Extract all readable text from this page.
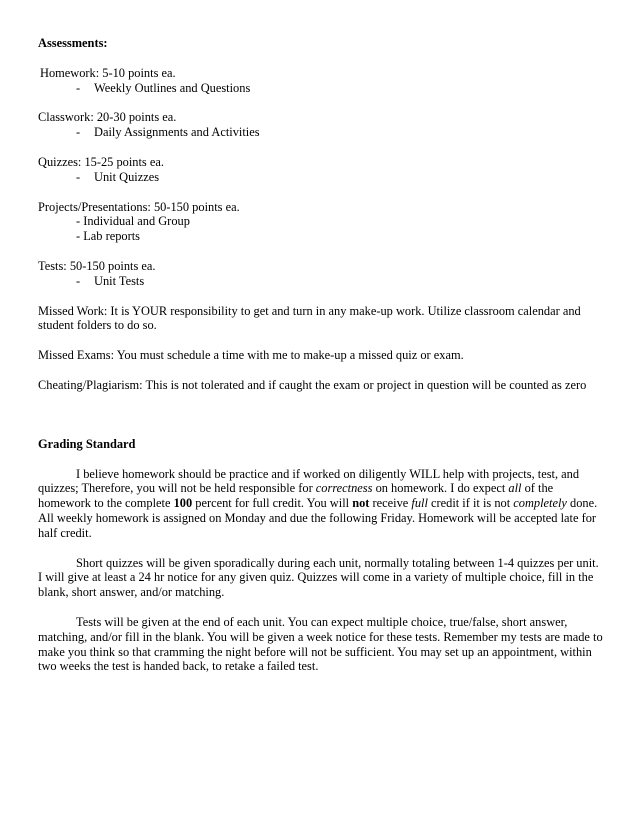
Assessments:

Homework: 5-10 points ea.

- Weekly Outlines and Questions

Classwork: 20-30 points ea.

- Daily Assignments and Activities

Quizzes: 15-25 points ea.

- Unit Quizzes

Projects/Presentations: 50-150 points ea.

- Individual and Group

- Lab reports

Tests: 50-150 points ea.

- Unit Tests

Missed Work: It is YOUR responsibility to get and turn in any make-up work. Utilize classroom calendar and student folders to do so.

Missed Exams: You must schedule a time with me to make-up a missed quiz or exam.

Cheating/Plagiarism: This is not tolerated and if caught the exam or project in question will be counted as zero

Grading Standard

I believe homework should be practice and if worked on diligently WILL help with projects, test, and quizzes; Therefore, you will not be held responsible for correctness on homework. I do expect all of the homework to the complete 100 percent for full credit. You will not receive full credit if it is not completely done. All weekly homework is assigned on Monday and due the following Friday. Homework will be accepted late for half credit.

Short quizzes will be given sporadically during each unit, normally totaling between 1-4 quizzes per unit. I will give at least a 24 hr notice for any given quiz. Quizzes will come in a variety of multiple choice, fill in the blank, short answer, and/or matching.

Tests will be given at the end of each unit. You can expect multiple choice, true/false, short answer, matching, and/or fill in the blank. You will be given a week notice for these tests. Remember my tests are made to make you think so that cramming the night before will not be sufficient. You may set up an appointment, within two weeks the test is handed back, to retake a failed test.
